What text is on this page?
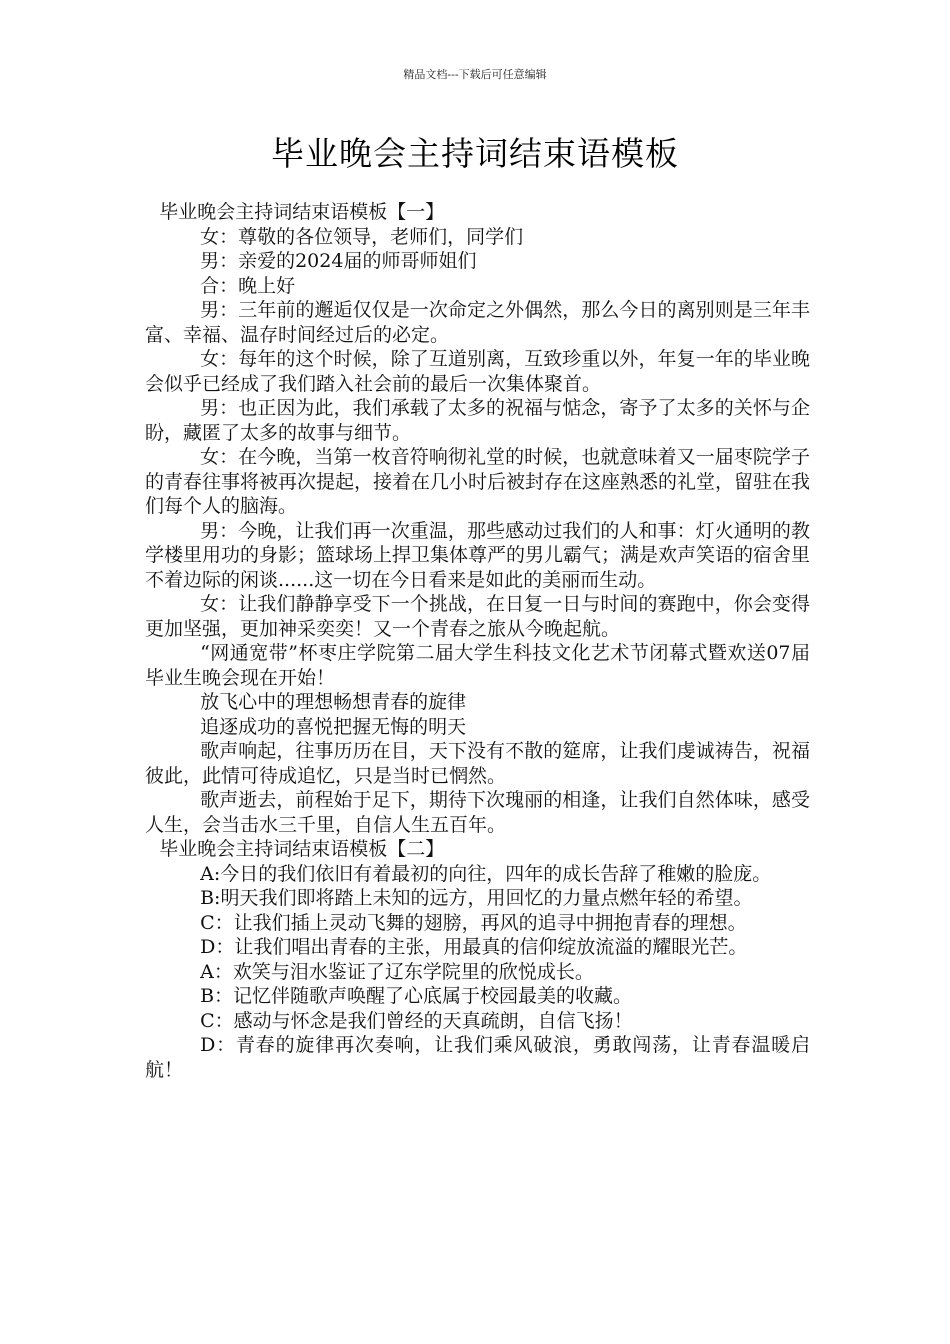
精品文档---下载后可任意编辑
毕业晚会主持词结束语模板

毕业晚会主持词结束语模板【一】

女：尊敬的各位领导，老师们，同学们

男：亲爱的2024届的师哥师姐们

合：晚上好

男：三年前的邂逅仅仅是一次命定之外偶然，那么今日的离别则是三年丰富、幸福、温存时间经过后的必定。

女：每年的这个时候，除了互道别离，互致珍重以外，年复一年的毕业晚会似乎已经成了我们踏入社会前的最后一次集体聚首。

男：也正因为此，我们承载了太多的祝福与惦念，寄予了太多的关怀与企盼，藏匿了太多的故事与细节。

女：在今晚，当第一枚音符响彻礼堂的时候，也就意味着又一届枣院学子的青春往事将被再次提起，接着在几小时后被封存在这座熟悉的礼堂，留驻在我们每个人的脑海。

男：今晚，让我们再一次重温，那些感动过我们的人和事：灯火通明的教学楼里用功的身影；篮球场上捍卫集体尊严的男儿霸气；满是欢声笑语的宿舍里不着边际的闲谈......这一切在今日看来是如此的美丽而生动。

女：让我们静静享受下一个挑战，在日复一日与时间的赛跑中，你会变得更加坚强，更加神采奕奕！又一个青春之旅从今晚起航。

“网通宽带”杯枣庄学院第二届大学生科技文化艺术节闭幕式暨欢送07届毕业生晚会现在开始！

放飞心中的理想畅想青春的旋律

追逐成功的喜悦把握无悔的明天

歌声响起，往事历历在目，天下没有不散的筵席，让我们虔诚祷告，祝福彼此，此情可待成追忆，只是当时已惘然。

歌声逝去，前程始于足下，期待下次瑰丽的相逢，让我们自然体味，感受人生，会当击水三千里，自信人生五百年。

毕业晚会主持词结束语模板【二】

A:今日的我们依旧有着最初的向往，四年的成长告辞了稚嫩的脸庞。

B:明天我们即将踏上未知的远方，用回忆的力量点燃年轻的希望。

C：让我们插上灵动飞舞的翅膀，再风的追寻中拥抱青春的理想。

D：让我们唱出青春的主张，用最真的信仰绽放流溢的耀眼光芒。

A：欢笑与泪水鉴证了辽东学院里的欣悦成长。

B：记忆伴随歌声唤醒了心底属于校园最美的收藏。

C：感动与怀念是我们曾经的天真疏朗，自信飞扬！

D：青春的旋律再次奏响，让我们乘风破浪，勇敢闯荡，让青春温暖启航！
